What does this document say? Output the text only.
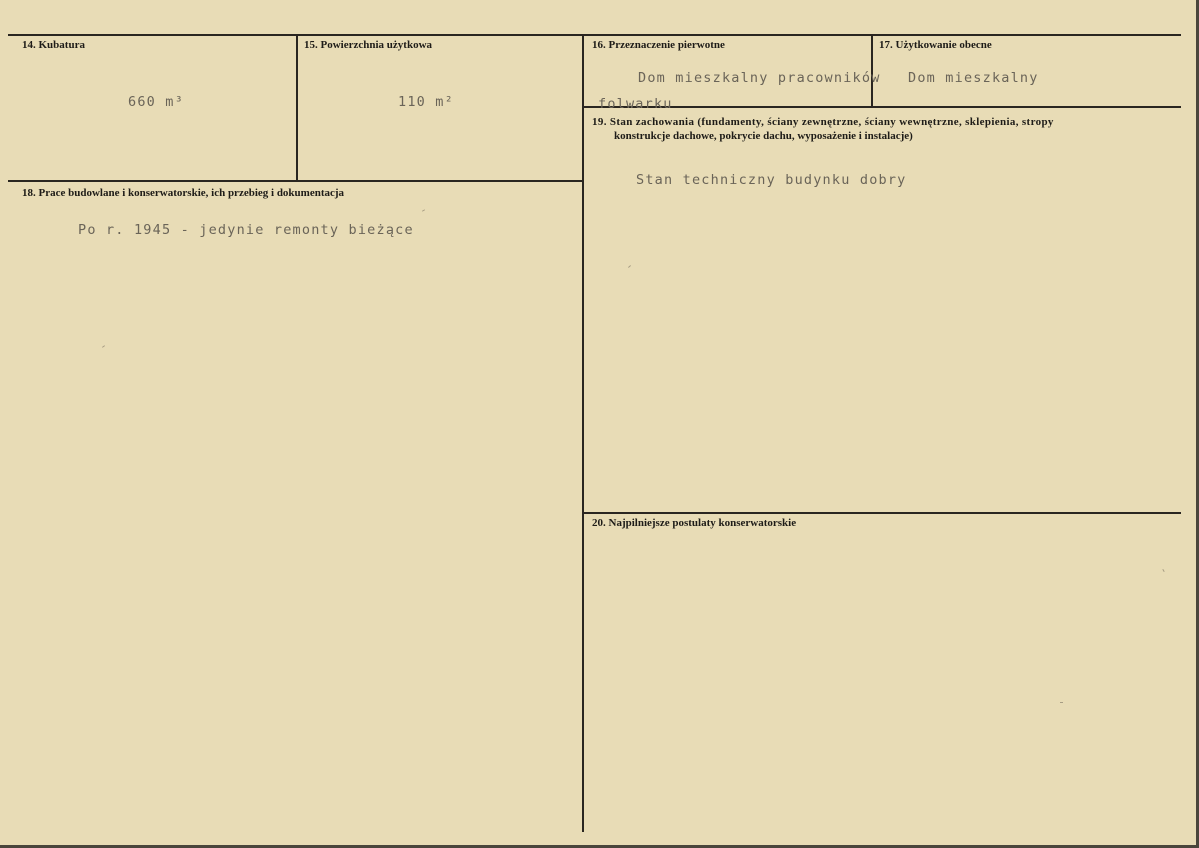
14. Kubatura
660 m³
15. Powierzchnia użytkowa
110 m²
16. Przeznaczenie pierwotne
Dom mieszkalny pracowników
folwarku
17. Użytkowanie obecne
Dom mieszkalny
18. Prace budowlane i konserwatorskie, ich przebieg i dokumentacja
Po r. 1945 - jedynie remonty bieżące
19. Stan zachowania (fundamenty, ściany zewnętrzne, ściany wewnętrzne, sklepienia, stropy
konstrukcje dachowe, pokrycie dachu, wyposażenie i instalacje)
Stan techniczny budynku dobry
20. Najpilniejsze postulaty konserwatorskie
